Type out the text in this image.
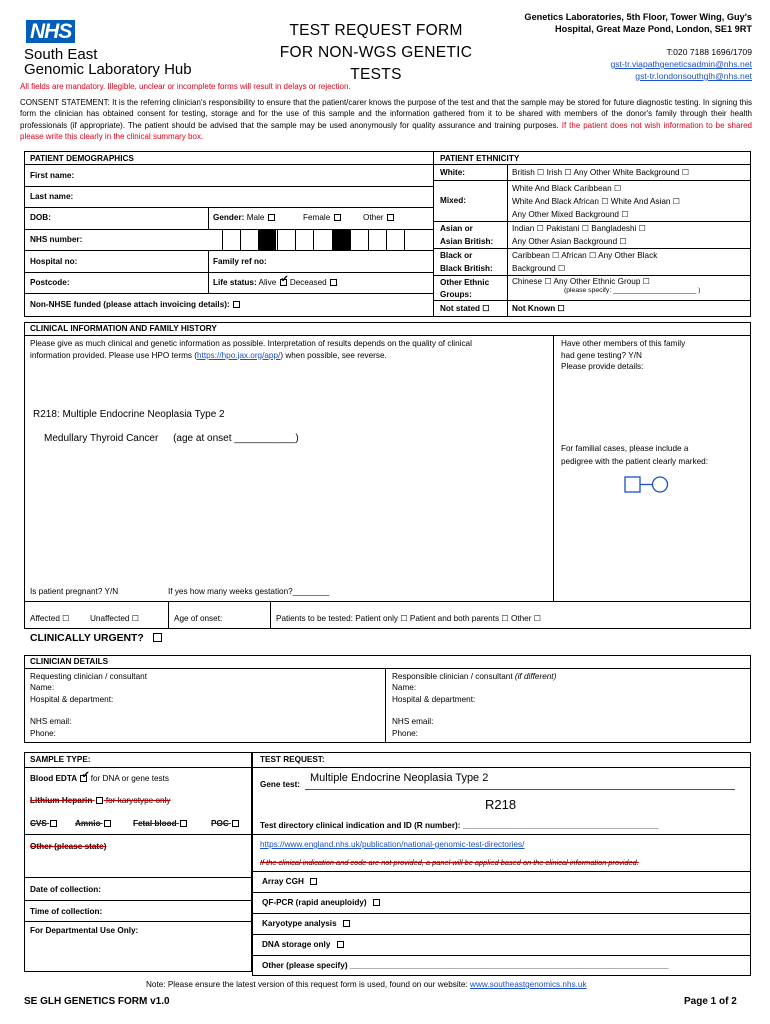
NHS
South East
Genomic Laboratory Hub
TEST REQUEST FORM
FOR NON-WGS GENETIC TESTS
Genetics Laboratories, 5th Floor, Tower Wing, Guy's
Hospital, Great Maze Pond, London, SE1 9RT
T:020 7188 1696/1709
gst-tr.viapathgeneticsadmin@nhs.net
gst-tr.londonsouthglh@nhs.net
All fields are mandatory. Illegible, unclear or incomplete forms will result in delays or rejection.
CONSENT STATEMENT: It is the referring clinician's responsibility to ensure that the patient/carer knows the purpose of the test and that the sample may be stored for future diagnostic testing. In signing this form the clinician has obtained consent for testing, storage and for the use of this sample and the information gathered from it to be shared with members of the donor's family through their health professionals (if appropriate). The patient should be advised that the sample may be used anonymously for quality assurance and training purposes. If the patient does not wish information to be shared please write this clearly in the clinical summary box.
PATIENT DEMOGRAPHICS	PATIENT ETHNICITY
First name:
Last name:
DOB:	Gender: Male	Female	Other
NHS number:
Hospital no:	Family ref no:
Postcode:	Life status: Alive ✔ Deceased
Non-NHSE funded (please attach invoicing details):
White:	British ☐ Irish ☐ Any Other White Background ☐
Mixed:
White And Black Caribbean ☐
White And Black African ☐ White And Asian ☐
Any Other Mixed Background ☐
Asian or
Asian British:
Indian ☐ Pakistani ☐ Bangladeshi ☐
Any Other Asian Background ☐
Black or
Black British:
Caribbean ☐ African ☐ Any Other Black
Background ☐
Other Ethnic
Groups:
Chinese ☐ Any Other Ethnic Group ☐
(please specify: ______________________ )
Not stated ☐	Not Known ☐
CLINICAL INFORMATION AND FAMILY HISTORY
Please give as much clinical and genetic information as possible. Interpretation of results depends on the quality of clinical
information provided. Please use HPO terms (https://hpo.jax.org/app/) when possible, see reverse.
R218: Multiple Endocrine Neoplasia Type 2
Medullary Thyroid Cancer (age at onset ___________)
Have other members of this family
had gene testing? Y/N
Please provide details:
For familial cases, please include a
pedigree with the patient clearly marked:
Is patient pregnant? Y/N	If yes how many weeks gestation?________
Affected ☐ Unaffected ☐	Age of onset:	Patients to be tested: Patient only ☐ Patient and both parents ☐ Other ☐
CLINICALLY URGENT?
CLINICIAN DETAILS
Requesting clinician / consultant
Name:
Hospital & department:
NHS email:
Phone:
Responsible clinician / consultant (if different)
Name:
Hospital & department:
NHS email:
Phone:
SAMPLE TYPE:
Blood EDTA ✔ for DNA or gene tests
Lithium Heparin for karyotype only
CVS	Amnio	Fetal blood	POC
Other (please state)
Date of collection:
Time of collection:
For Departmental Use Only:
TEST REQUEST:
Gene test:
Multiple Endocrine Neoplasia Type 2
R218
Test directory clinical indication and ID (R number): ___________________________________________
https://www.england.nhs.uk/publication/national-genomic-test-directories/
If the clinical indication and code are not provided, a panel will be applied based on the clinical information provided.
Array CGH
QF-PCR (rapid aneuploidy)
Karyotype analysis
DNA storage only
Other (please specify) ______________________________________________________________________
Note: Please ensure the latest version of this request form is used, found on our website: www.southeastgenomics.nhs.uk
SE GLH GENETICS FORM v1.0	Page 1 of 2
